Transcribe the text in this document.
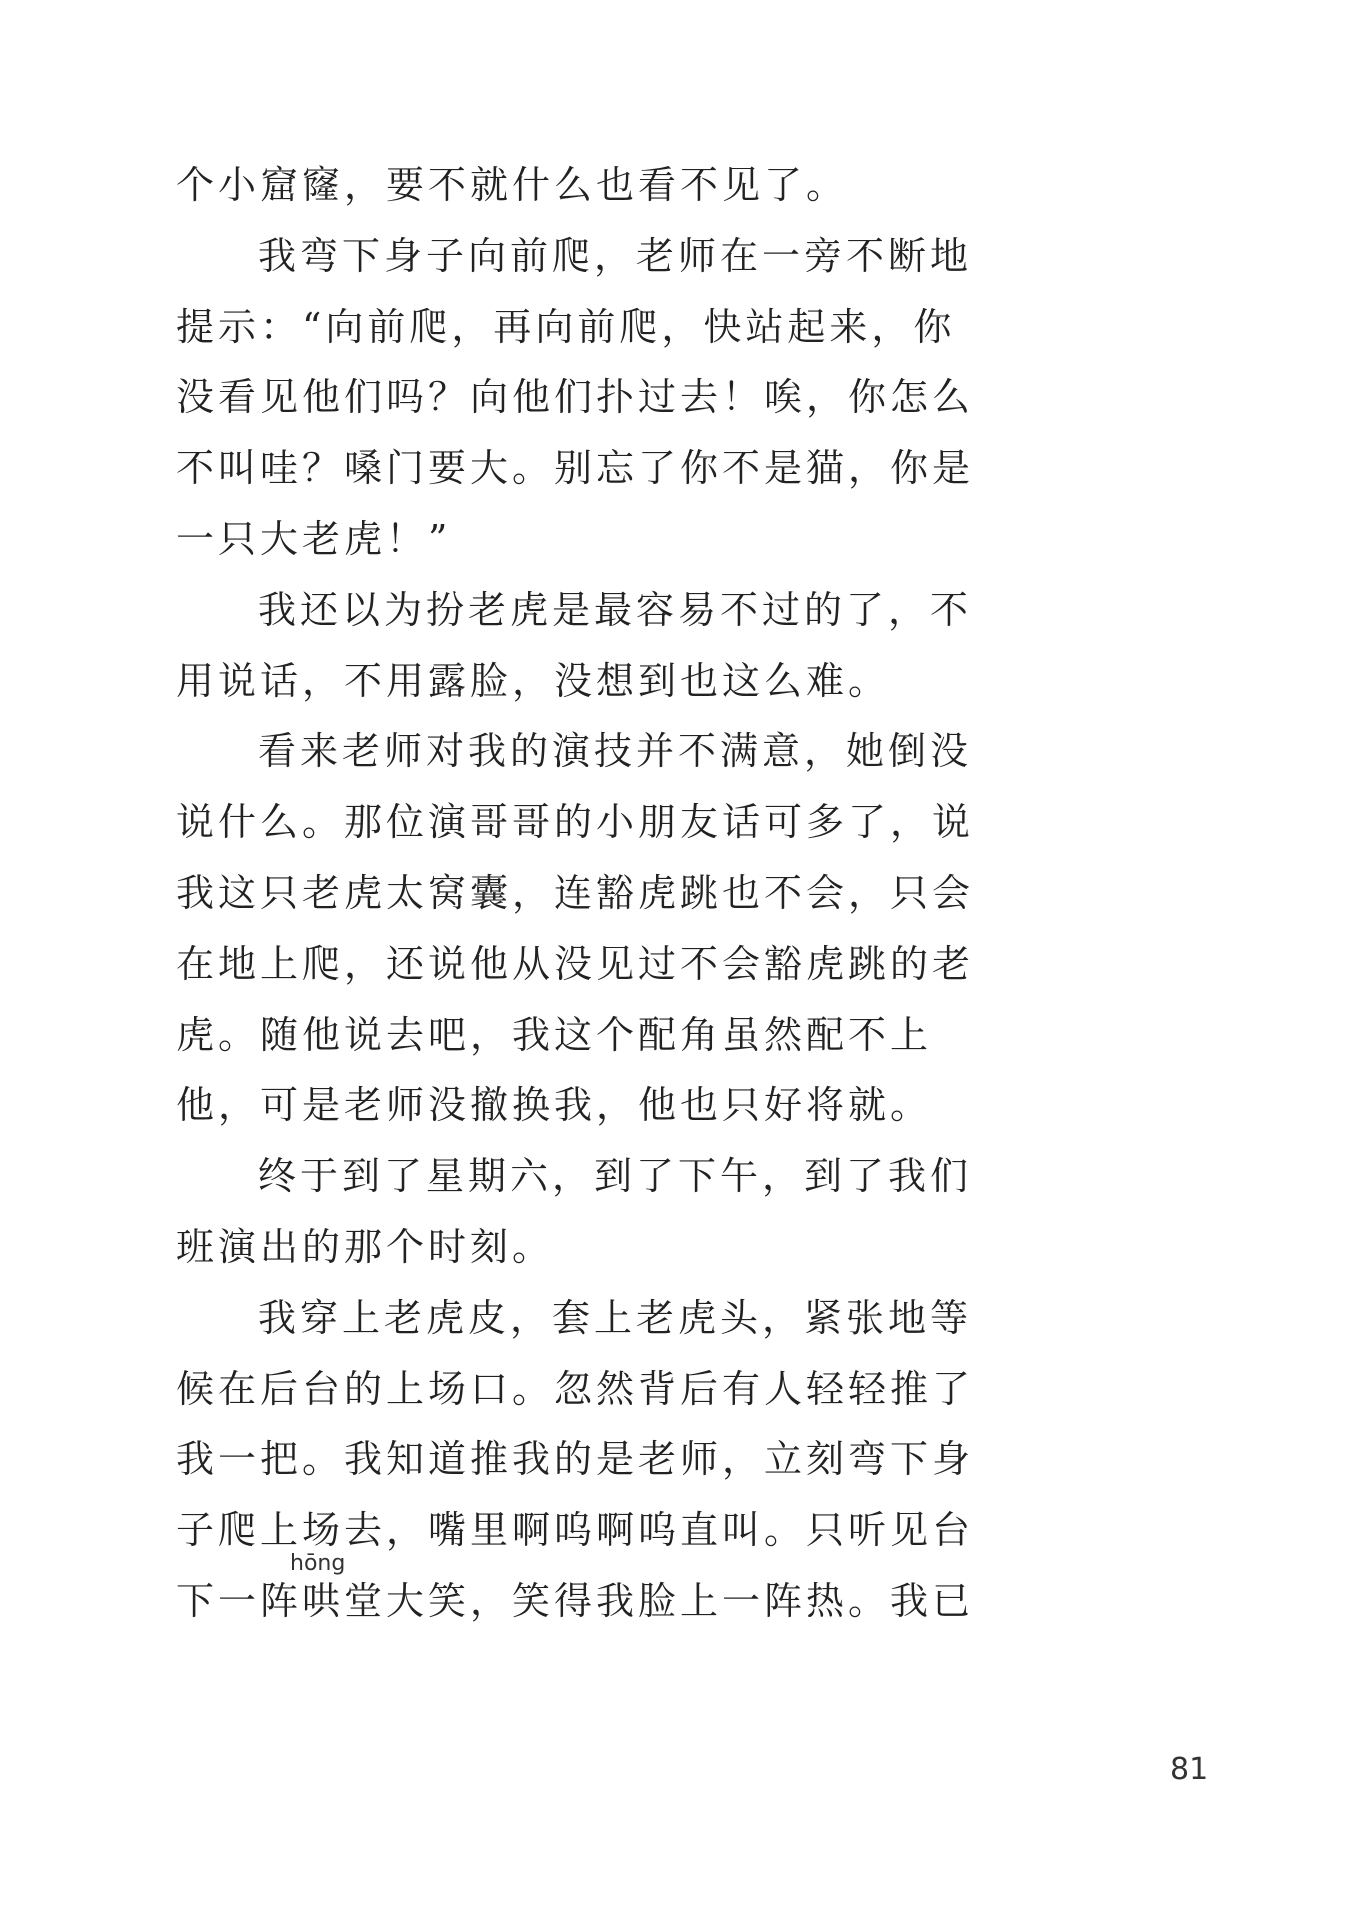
个小窟窿，要不就什么也看不见了。
我弯下身子向前爬，老师在一旁不断地
提示：“向前爬，再向前爬，快站起来，你
没看见他们吗？向他们扑过去！唉，你怎么
不叫哇？嗓门要大。别忘了你不是猫，你是
一只大老虎！”
我还以为扮老虎是最容易不过的了，不
用说话，不用露脸，没想到也这么难。
看来老师对我的演技并不满意，她倒没
说什么。那位演哥哥的小朋友话可多了，说
我这只老虎太窝囊，连豁虎跳也不会，只会
在地上爬，还说他从没见过不会豁虎跳的老
虎。随他说去吧，我这个配角虽然配不上
他，可是老师没撤换我，他也只好将就。
终于到了星期六，到了下午，到了我们
班演出的那个时刻。
我穿上老虎皮，套上老虎头，紧张地等
候在后台的上场口。忽然背后有人轻轻推了
我一把。我知道推我的是老师，立刻弯下身
子爬上场去，嘴里啊呜啊呜直叫。只听见台
hōng
下一阵哄堂大笑，笑得我脸上一阵热。我已
81
